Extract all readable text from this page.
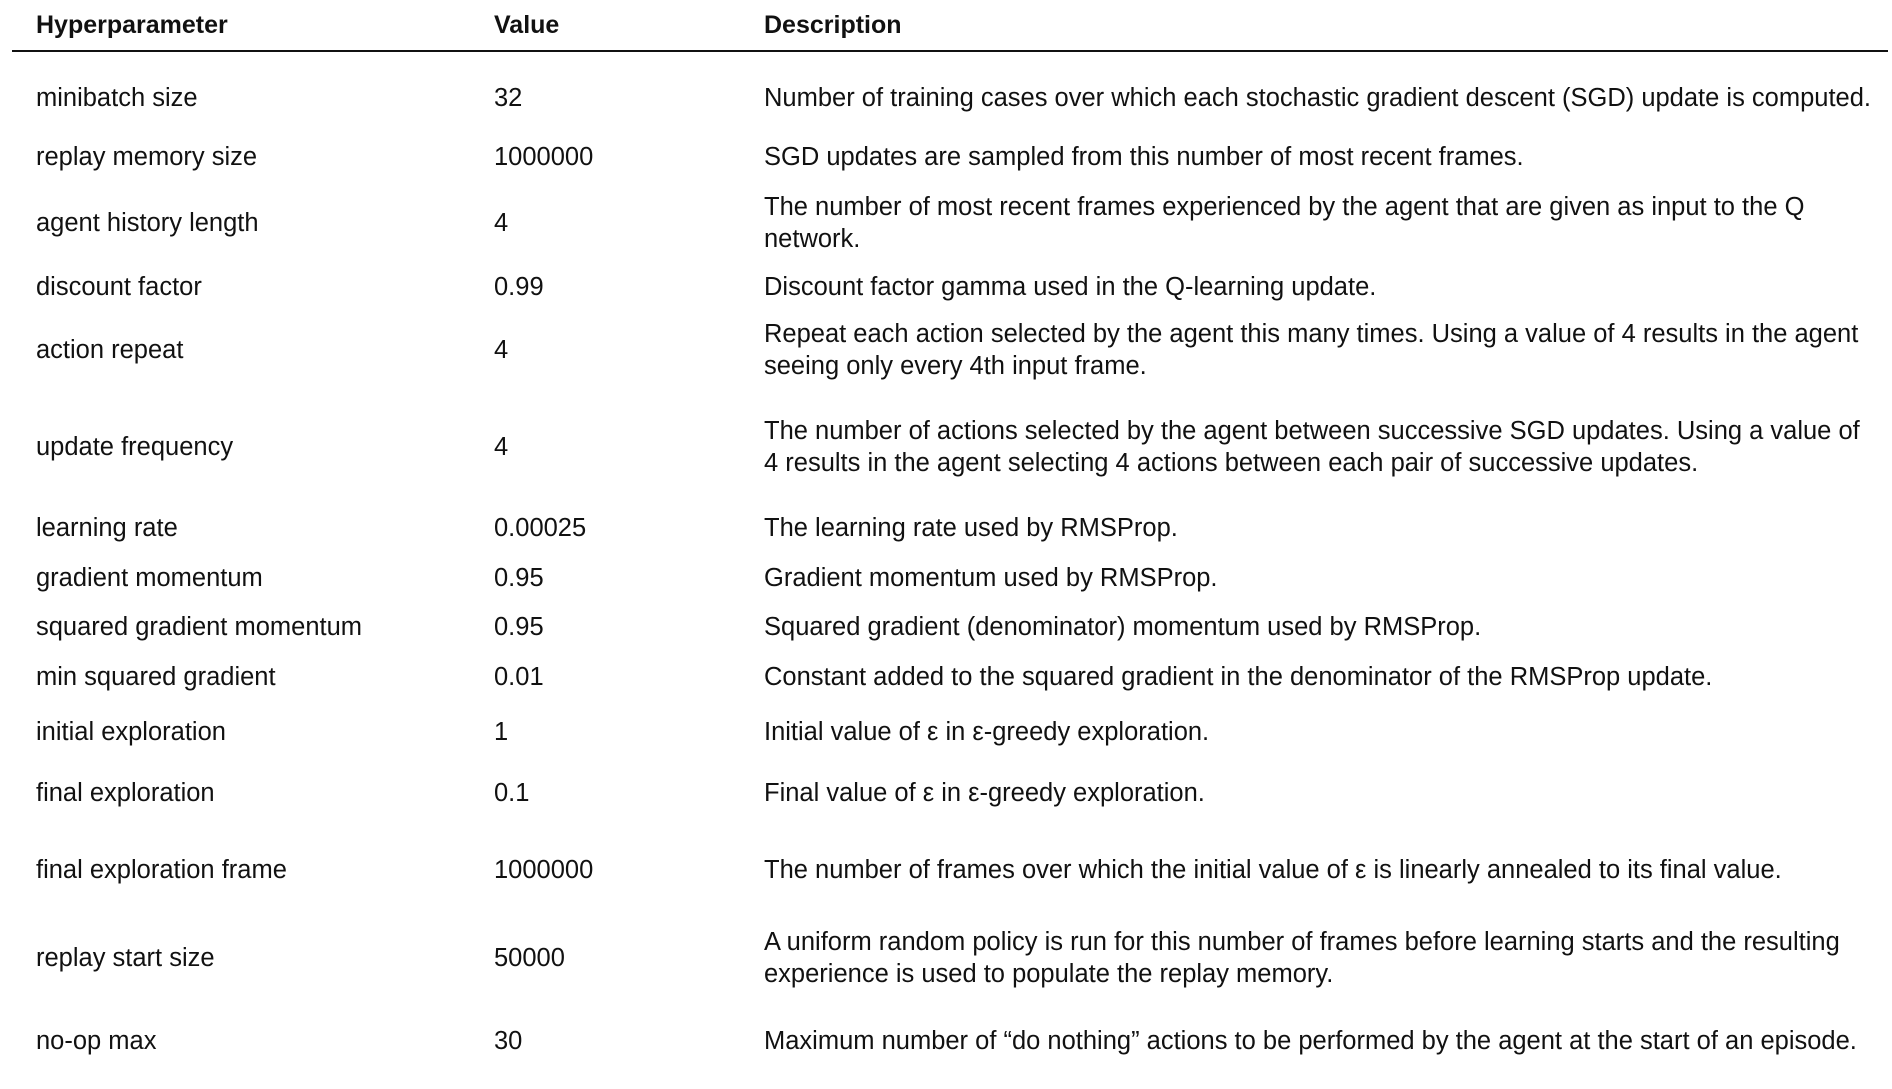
Hyperparameter	Value	Description
minibatch size	32	Number of training cases over which each stochastic gradient descent (SGD) update is computed.
replay memory size	1000000	SGD updates are sampled from this number of most recent frames.
agent history length	4	The number of most recent frames experienced by the agent that are given as input to the Q network.
discount factor	0.99	Discount factor gamma used in the Q-learning update.
action repeat	4	Repeat each action selected by the agent this many times. Using a value of 4 results in the agent seeing only every 4th input frame.
update frequency	4	The number of actions selected by the agent between successive SGD updates. Using a value of 4 results in the agent selecting 4 actions between each pair of successive updates.
learning rate	0.00025	The learning rate used by RMSProp.
gradient momentum	0.95	Gradient momentum used by RMSProp.
squared gradient momentum	0.95	Squared gradient (denominator) momentum used by RMSProp.
min squared gradient	0.01	Constant added to the squared gradient in the denominator of the RMSProp update.
initial exploration	1	Initial value of ε in ε-greedy exploration.
final exploration	0.1	Final value of ε in ε-greedy exploration.
final exploration frame	1000000	The number of frames over which the initial value of ε is linearly annealed to its final value.
replay start size	50000	A uniform random policy is run for this number of frames before learning starts and the resulting experience is used to populate the replay memory.
no-op max	30	Maximum number of “do nothing” actions to be performed by the agent at the start of an episode.
